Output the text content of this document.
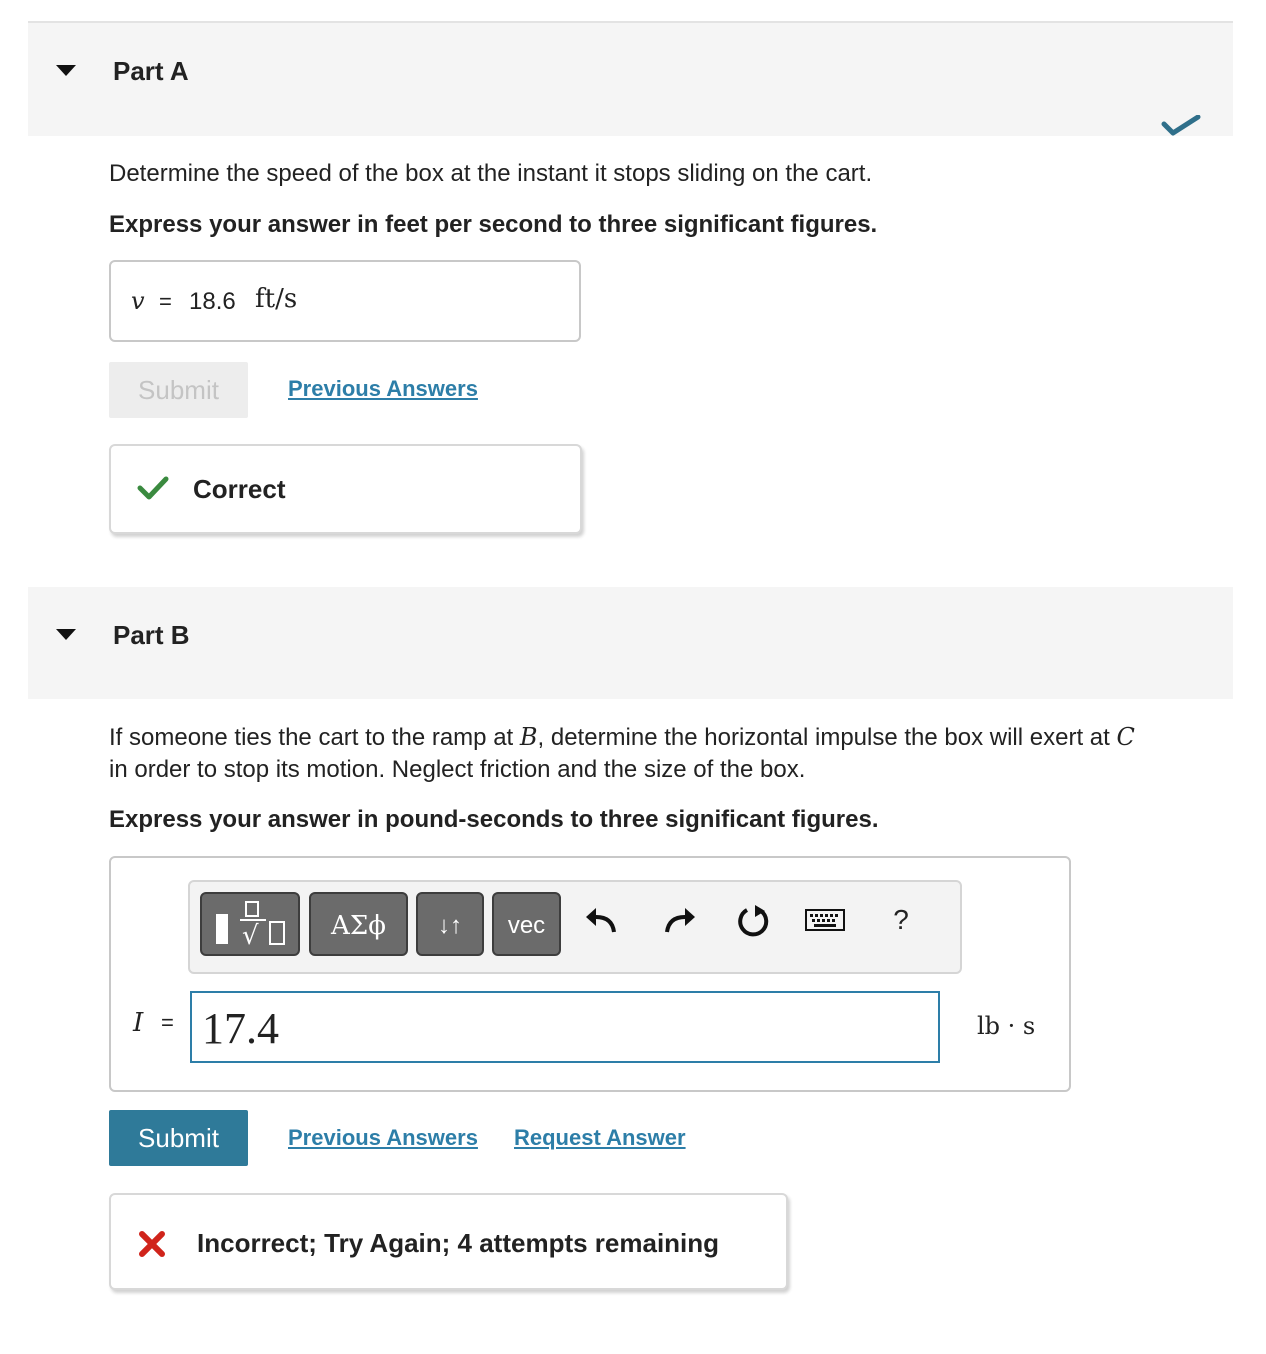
Part A
Determine the speed of the box at the instant it stops sliding on the cart.
Express your answer in feet per second to three significant figures.
v = 18.6 ft/s
Submit	Previous Answers
Correct
Part B
If someone ties the cart to the ramp at B, determine the horizontal impulse the box will exert at C
in order to stop its motion. Neglect friction and the size of the box.
Express your answer in pound-seconds to three significant figures.
√	ΑΣϕ	↓↑	vec	?
I = 17.4	lb · s
Submit	Previous Answers Request Answer
Incorrect; Try Again; 4 attempts remaining
